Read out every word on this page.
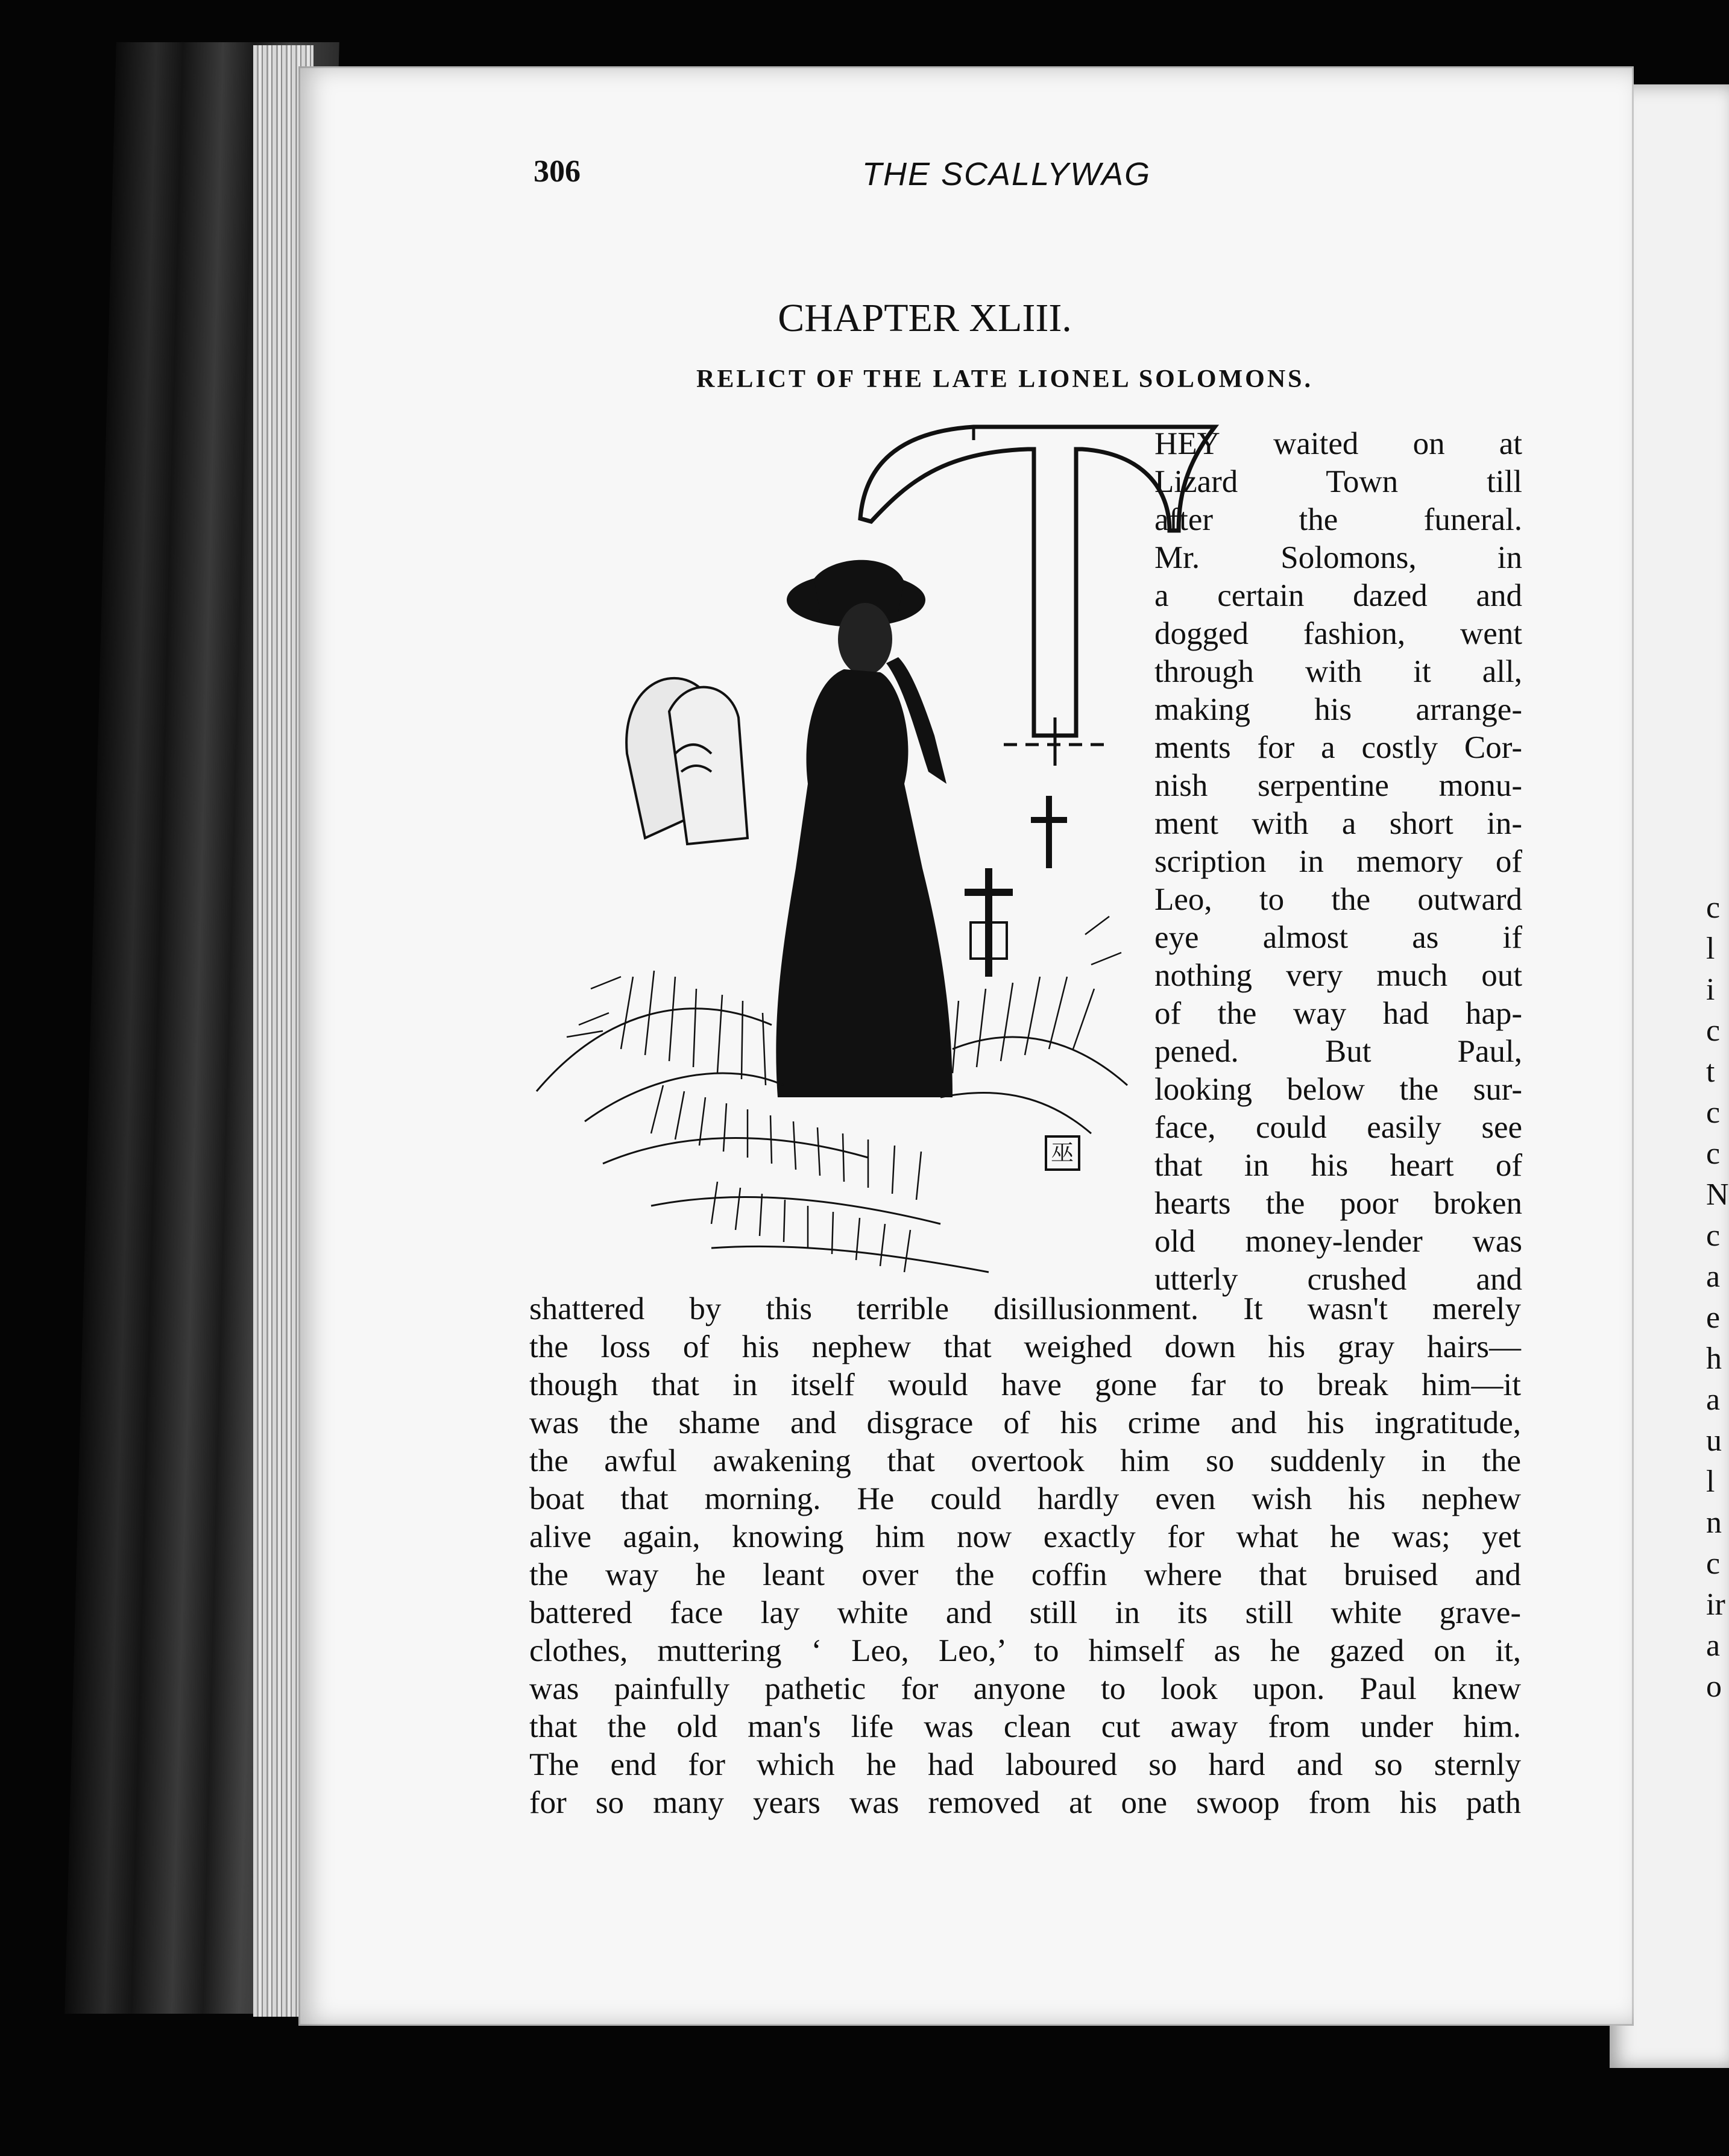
c
l
i
c
t
c
c
N
c
a
e
h
a
u
l
n
c
ir
a
o
306	THE SCALLYWAG
CHAPTER XLIII.
RELICT OF THE LATE LIONEL SOLOMONS.
巫
HEY waited on at
Lizard Town till
after the funeral.
Mr. Solomons, in
a certain dazed and
dogged fashion, went
through with it all,
making his arrange-
ments for a costly Cor-
nish serpentine monu-
ment with a short in-
scription in memory of
Leo, to the outward
eye almost as if
nothing very much out
of the way had hap-
pened. But Paul,
looking below the sur-
face, could easily see
that in his heart of
hearts the poor broken
old money-lender was
utterly crushed and
shattered by this terrible disillusionment. It wasn't merely
the loss of his nephew that weighed down his gray hairs—
though that in itself would have gone far to break him—it
was the shame and disgrace of his crime and his ingratitude,
the awful awakening that overtook him so suddenly in the
boat that morning. He could hardly even wish his nephew
alive again, knowing him now exactly for what he was; yet
the way he leant over the coffin where that bruised and
battered face lay white and still in its still white grave-
clothes, muttering ‘ Leo, Leo,’ to himself as he gazed on it,
was painfully pathetic for anyone to look upon. Paul knew
that the old man's life was clean cut away from under him.
The end for which he had laboured so hard and so sternly
for so many years was removed at one swoop from his path
